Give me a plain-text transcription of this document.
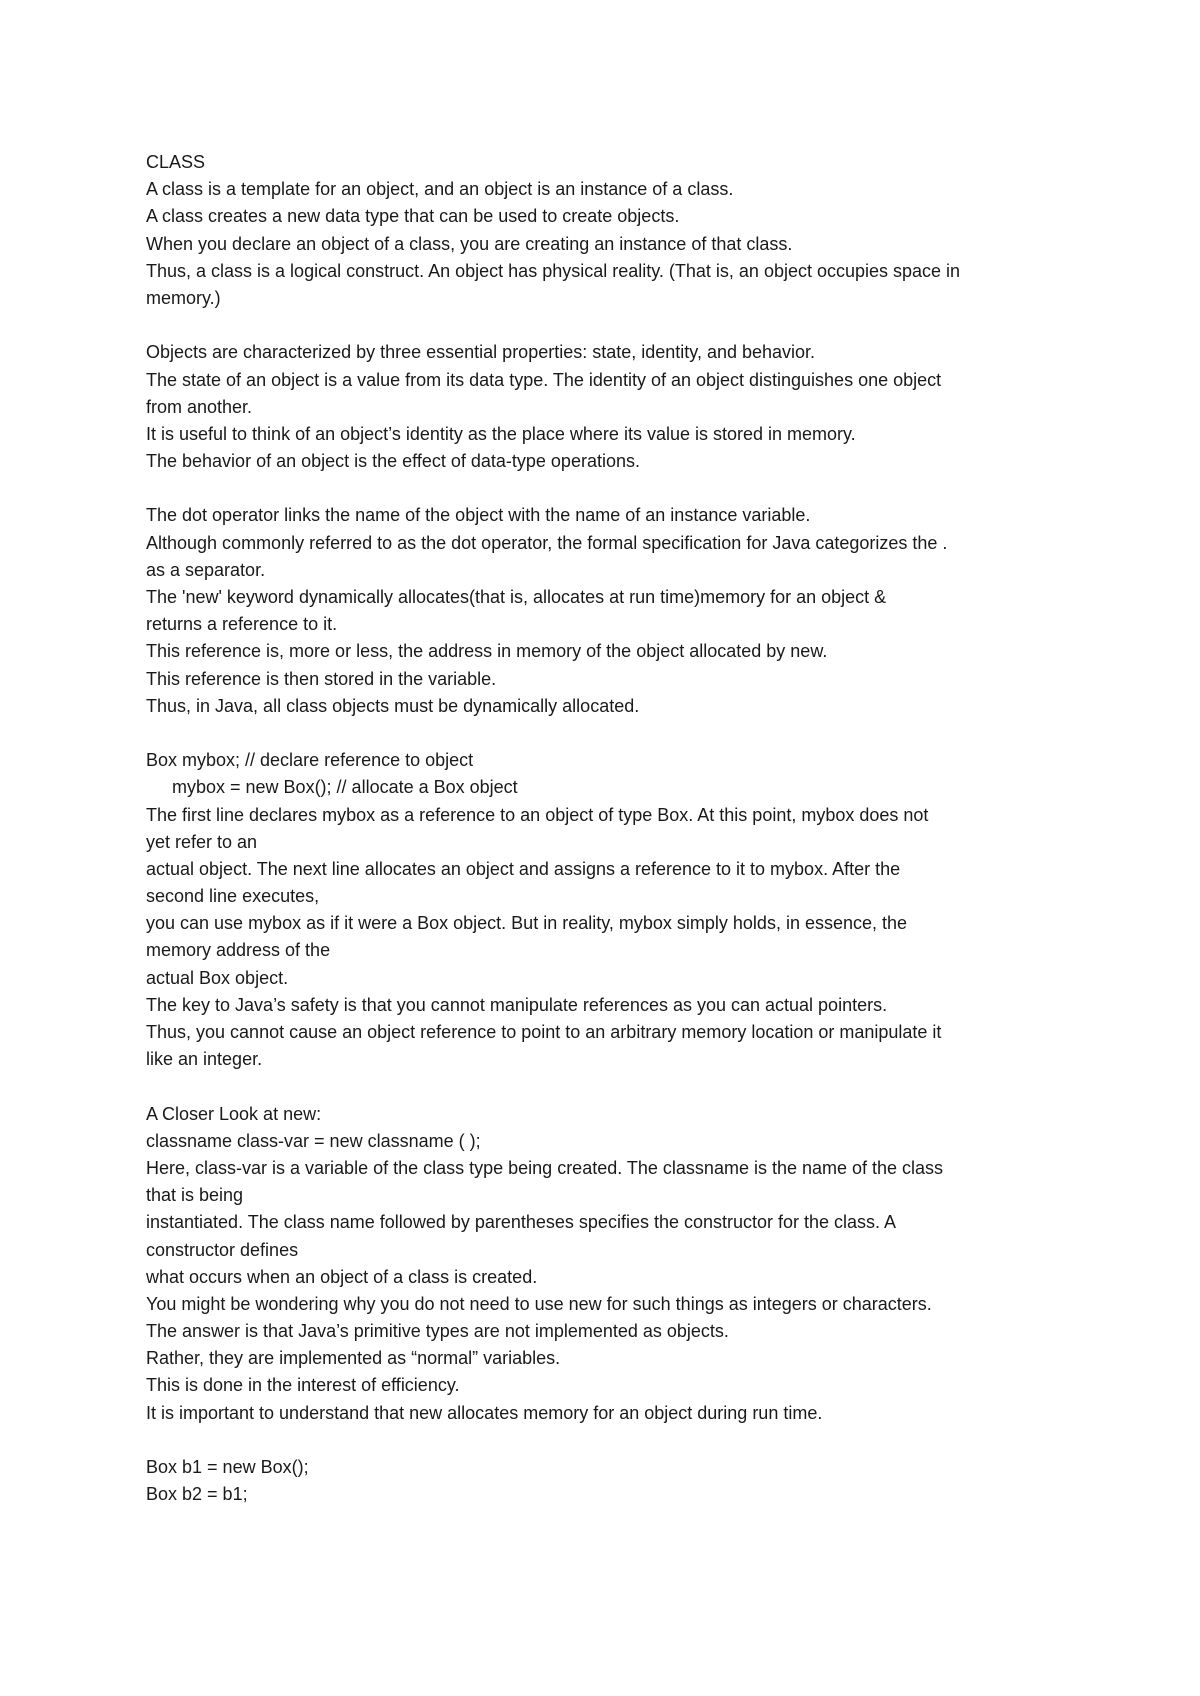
CLASS
A class is a template for an object, and an object is an instance of a class.
A class creates a new data type that can be used to create objects.
When you declare an object of a class, you are creating an instance of that class.
Thus, a class is a logical construct. An object has physical reality. (That is, an object occupies space in
memory.)
Objects are characterized by three essential properties: state, identity, and behavior.
The state of an object is a value from its data type. The identity of an object distinguishes one object
from another.
It is useful to think of an object’s identity as the place where its value is stored in memory.
The behavior of an object is the effect of data-type operations.
The dot operator links the name of the object with the name of an instance variable.
Although commonly referred to as the dot operator, the formal specification for Java categorizes the .
as a separator.
The 'new' keyword dynamically allocates(that is, allocates at run time)memory for an object &
returns a reference to it.
This reference is, more or less, the address in memory of the object allocated by new.
This reference is then stored in the variable.
Thus, in Java, all class objects must be dynamically allocated.
Box mybox; // declare reference to object
mybox = new Box(); // allocate a Box object
The first line declares mybox as a reference to an object of type Box. At this point, mybox does not
yet refer to an
actual object. The next line allocates an object and assigns a reference to it to mybox. After the
second line executes,
you can use mybox as if it were a Box object. But in reality, mybox simply holds, in essence, the
memory address of the
actual Box object.
The key to Java’s safety is that you cannot manipulate references as you can actual pointers.
Thus, you cannot cause an object reference to point to an arbitrary memory location or manipulate it
like an integer.
A Closer Look at new:
classname class-var = new classname ( );
Here, class-var is a variable of the class type being created. The classname is the name of the class
that is being
instantiated. The class name followed by parentheses specifies the constructor for the class. A
constructor defines
what occurs when an object of a class is created.
You might be wondering why you do not need to use new for such things as integers or characters.
The answer is that Java’s primitive types are not implemented as objects.
Rather, they are implemented as “normal” variables.
This is done in the interest of efficiency.
It is important to understand that new allocates memory for an object during run time.
Box b1 = new Box();
Box b2 = b1;
